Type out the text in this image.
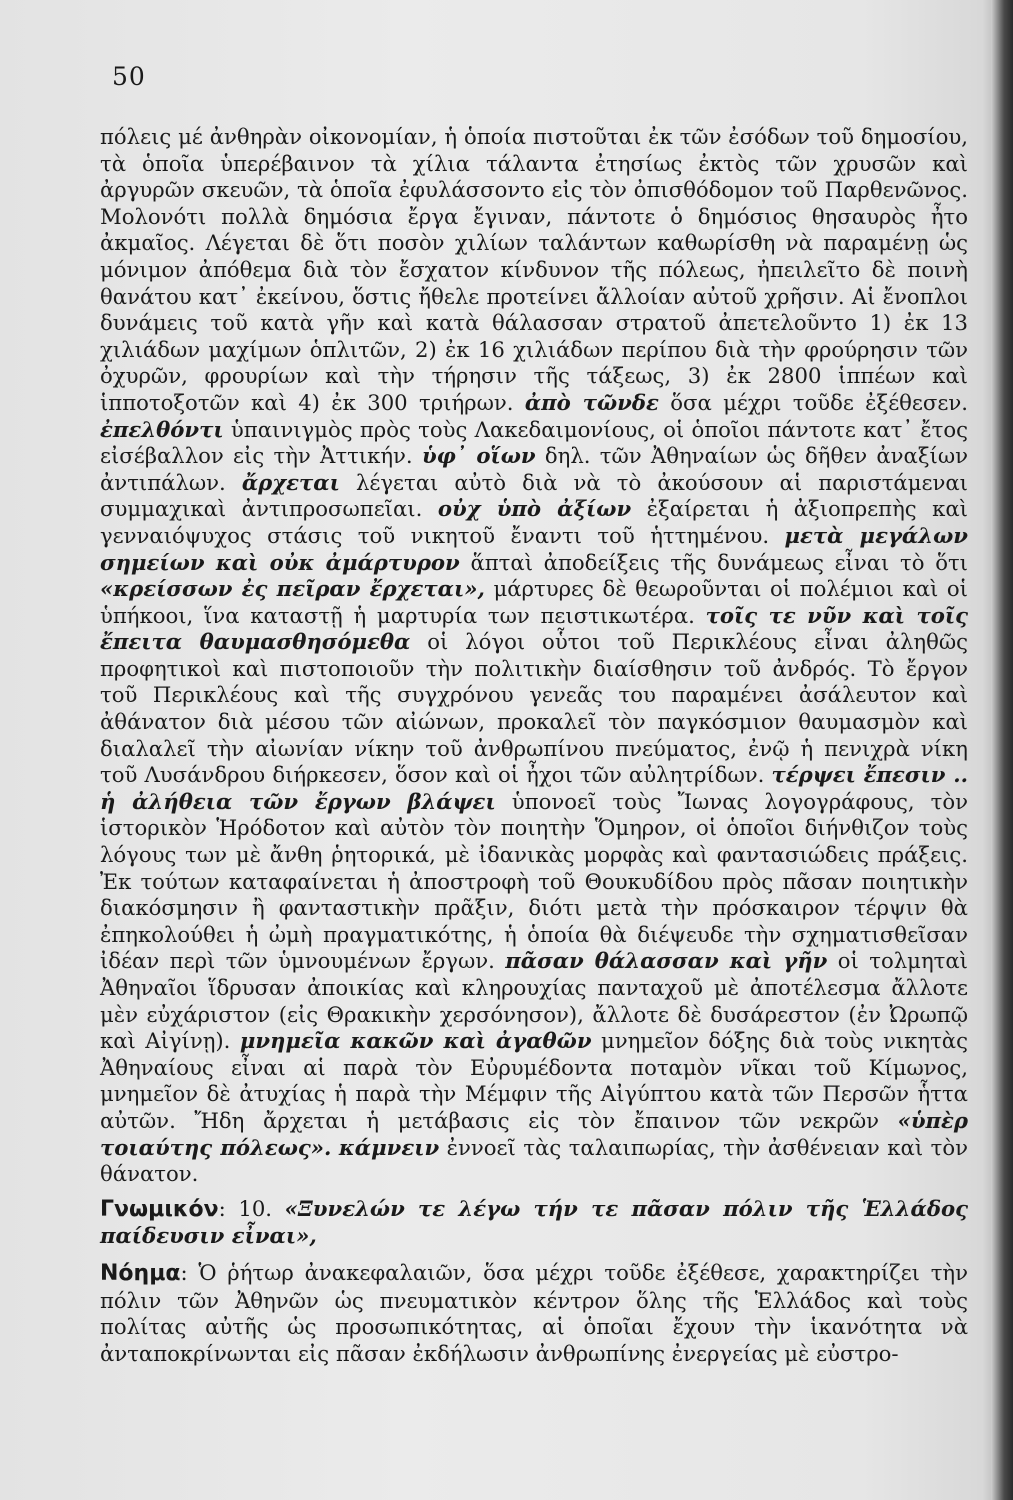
50

πόλεις μέ ἀνθηρὰν οἰκονομίαν, ἡ ὁποία πιστοῦται ἐκ τῶν ἐσόδων τοῦ δημοσίου, τὰ ὁποῖα ὑπερέβαινον τὰ χίλια τάλαντα ἐτησίως ἐκτὸς τῶν χρυσῶν καὶ ἀργυρῶν σκευῶν, τὰ ὁποῖα ἐφυλάσσοντο εἰς τὸν ὀπισθόδομον τοῦ Παρθενῶνος. Μολονότι πολλὰ δημόσια ἔργα ἔγιναν, πάντοτε ὁ δημόσιος θησαυρὸς ἦτο ἀκμαῖος. Λέγεται δὲ ὅτι ποσὸν χιλίων ταλάντων καθωρίσθη νὰ παραμένῃ ὡς μόνιμον ἀπόθεμα διὰ τὸν ἔσχατον κίνδυνον τῆς πόλεως, ἠπειλεῖτο δὲ ποινὴ θανάτου κατ᾿ ἐκείνου, ὅστις ἤθελε προτείνει ἄλλοίαν αὐτοῦ χρῆσιν. Αἱ ἔνοπλοι δυνάμεις τοῦ κατὰ γῆν καὶ κατὰ θάλασσαν στρατοῦ ἀπετελοῦντο 1) ἐκ 13 χιλιάδων μαχίμων ὁπλιτῶν, 2) ἐκ 16 χιλιάδων περίπου διὰ τὴν φρούρησιν τῶν ὀχυρῶν, φρουρίων καὶ τὴν τήρησιν τῆς τάξεως, 3) ἐκ 2800 ἱππέων καὶ ἱπποτοξοτῶν καὶ 4) ἐκ 300 τριήρων. ἀπὸ τῶνδε ὅσα μέχρι τοῦδε ἐξέθεσεν. ἐπελθόντι ὑπαινιγμὸς πρὸς τοὺς Λακεδαιμονίους, οἱ ὁποῖοι πάντοτε κατ᾿ ἔτος εἰσέβαλλον εἰς τὴν Ἀττικήν. ὑφ᾿ οἵων δηλ. τῶν Ἀθηναίων ὡς δῆθεν ἀναξίων ἀντιπάλων. ἄρχεται λέγεται αὐτὸ διὰ νὰ τὸ ἀκούσουν αἱ παριστάμεναι συμμαχικαὶ ἀντιπροσωπεῖαι. οὐχ ὑπὸ ἀξίων ἐξαίρεται ἡ ἀξιοπρεπὴς καὶ γενναιόψυχος στάσις τοῦ νικητοῦ ἔναντι τοῦ ἡττημένου. μετὰ μεγάλων σημείων καὶ οὐκ ἀμάρτυρον ἅπταὶ ἀποδείξεις τῆς δυνάμεως εἶναι τὸ ὅτι «κρείσσων ἐς πεῖραν ἔρχεται», μάρτυρες δὲ θεωροῦνται οἱ πολέμιοι καὶ οἱ ὑπήκοοι, ἵνα καταστῇ ἡ μαρτυρία των πειστικωτέρα. τοῖς τε νῦν καὶ τοῖς ἔπειτα θαυμασθησόμεθα οἱ λόγοι οὗτοι τοῦ Περικλέους εἶναι ἀληθῶς προφητικοὶ καὶ πιστοποιοῦν τὴν πολιτικὴν διαίσθησιν τοῦ ἀνδρός. Τὸ ἔργον τοῦ Περικλέους καὶ τῆς συγχρόνου γενεᾶς του παραμένει ἀσάλευτον καὶ ἀθάνατον διὰ μέσου τῶν αἰώνων, προκαλεῖ τὸν παγκόσμιον θαυμασμὸν καὶ διαλαλεῖ τὴν αἰωνίαν νίκην τοῦ ἀνθρωπίνου πνεύματος, ἐνῷ ἡ πενιχρὰ νίκη τοῦ Λυσάνδρου διήρκεσεν, ὅσον καὶ οἱ ἦχοι τῶν αὐλητρίδων. τέρψει ἔπεσιν .. ἡ ἀλήθεια τῶν ἔργων βλάψει ὑπονοεῖ τοὺς Ἴωνας λογογράφους, τὸν ἱστορικὸν Ἡρόδοτον καὶ αὐτὸν τὸν ποιητὴν Ὅμηρον, οἱ ὁποῖοι διήνθιζον τοὺς λόγους των μὲ ἄνθη ῥητορικά, μὲ ἰδανικὰς μορφὰς καὶ φαντασιώδεις πράξεις. Ἐκ τούτων καταφαίνεται ἡ ἀποστροφὴ τοῦ Θουκυδίδου πρὸς πᾶσαν ποιητικὴν διακόσμησιν ἢ φανταστικὴν πρᾶξιν, διότι μετὰ τὴν πρόσκαιρον τέρψιν θὰ ἐπηκολούθει ἡ ὠμὴ πραγματικότης, ἡ ὁποία θὰ διέψευδε τὴν σχηματισθεῖσαν ἰδέαν περὶ τῶν ὑμνουμένων ἔργων. πᾶσαν θάλασσαν καὶ γῆν οἱ τολμηταὶ Ἀθηναῖοι ἵδρυσαν ἀποικίας καὶ κληρουχίας πανταχοῦ μὲ ἀποτέλεσμα ἄλλοτε μὲν εὐχάριστον (εἰς Θρακικὴν χερσόνησον), ἄλλοτε δὲ δυσάρεστον (ἐν Ὠρωπῷ καὶ Αἰγίνῃ). μνημεῖα κακῶν καὶ ἀγαθῶν μνημεῖον δόξης διὰ τοὺς νικητὰς Ἀθηναίους εἶναι αἱ παρὰ τὸν Εὐρυμέδοντα ποταμὸν νῖκαι τοῦ Κίμωνος, μνημεῖον δὲ ἀτυχίας ἡ παρὰ τὴν Μέμφιν τῆς Αἰγύπτου κατὰ τῶν Περσῶν ἧττα αὐτῶν. Ἤδη ἄρχεται ἡ μετάβασις εἰς τὸν ἔπαινον τῶν νεκρῶν «ὑπὲρ τοιαύτης πόλεως». κάμνειν ἐννοεῖ τὰς ταλαιπωρίας, τὴν ἀσθένειαν καὶ τὸν θάνατον.

Γνωμικόν: 10. «Ξυνελών τε λέγω τήν τε πᾶσαν πόλιν τῆς Ἑλλάδος παίδευσιν εἶναι»,

Νόημα: Ὁ ῥήτωρ ἀνακεφαλαιῶν, ὅσα μέχρι τοῦδε ἐξέθεσε, χαρακτηρίζει τὴν πόλιν τῶν Ἀθηνῶν ὡς πνευματικὸν κέντρον ὅλης τῆς Ἑλλάδος καὶ τοὺς πολίτας αὐτῆς ὡς προσωπικότητας, αἱ ὁποῖαι ἔχουν τὴν ἱκανότητα νὰ ἀνταποκρίνωνται εἰς πᾶσαν ἐκδήλωσιν ἀνθρωπίνης ἐνεργείας μὲ εὐστρο-
